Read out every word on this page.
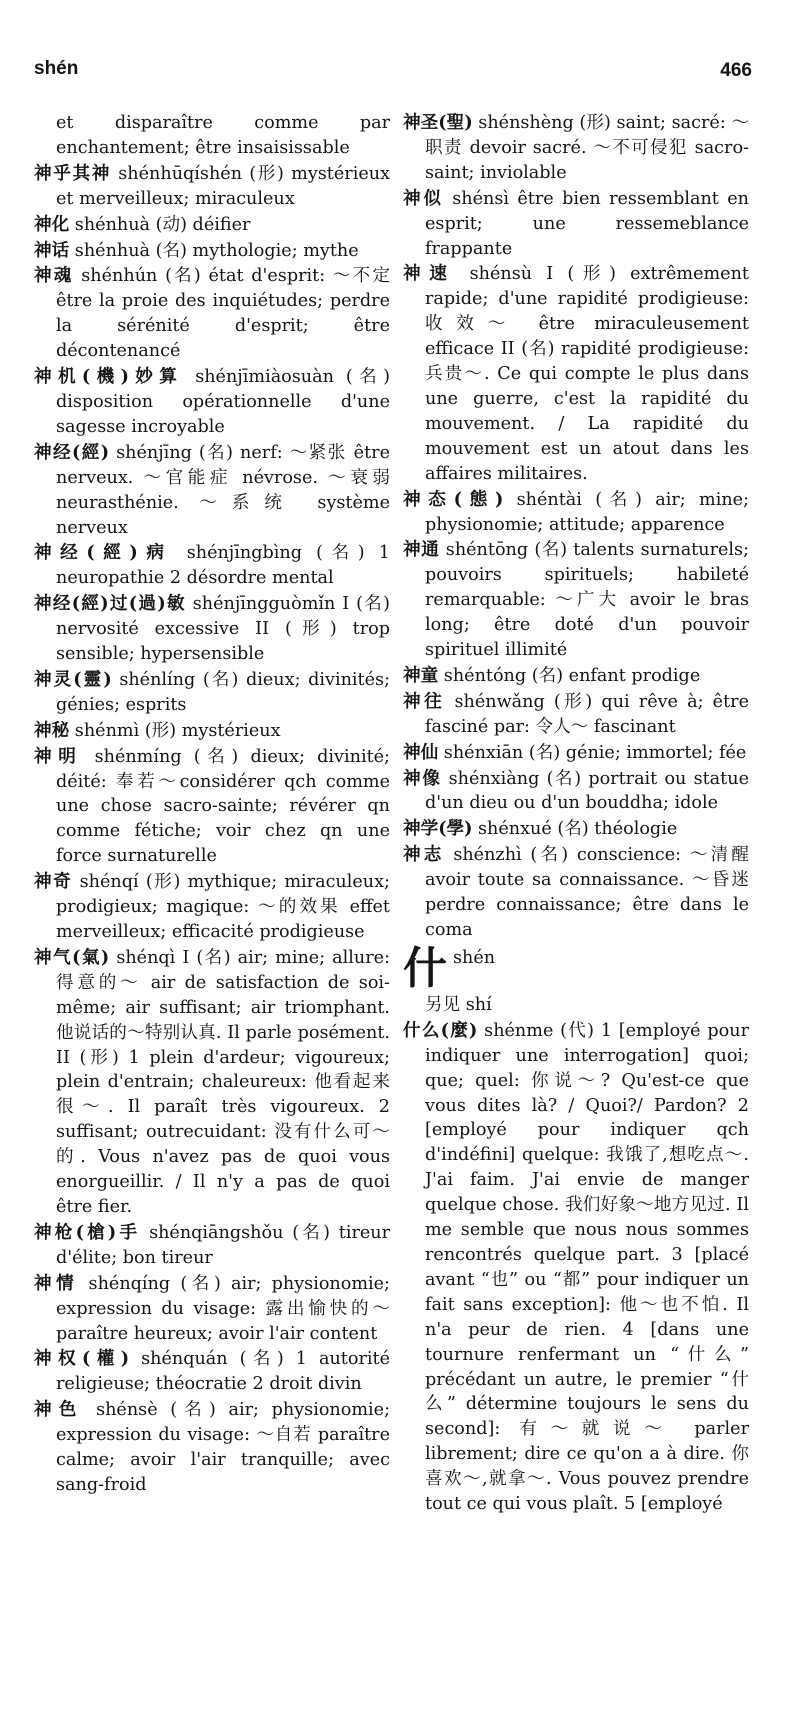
shén	466

et disparaître comme par enchantement; être insaisissable

神乎其神 shénhūqíshén (形) mystérieux et merveilleux; miraculeux

神化 shénhuà (动) déifier

神话 shénhuà (名) mythologie; mythe

神魂 shénhún (名) état d'esprit: ～不定 être la proie des inquiétudes; perdre la sérénité d'esprit; être décontenancé

神机(機)妙算 shénjīmiàosuàn (名) disposition opérationnelle d'une sagesse incroyable

神经(經) shénjīng (名) nerf: ～紧张 être nerveux. ～官能症 névrose. ～衰弱 neurasthénie. ～系统 système nerveux

神经(經)病 shénjīngbìng (名) 1 neuropathie 2 désordre mental

神经(經)过(過)敏 shénjīngguòmǐn I (名) nervosité excessive II (形) trop sensible; hypersensible

神灵(靈) shénlíng (名) dieux; divinités; génies; esprits

神秘 shénmì (形) mystérieux

神明 shénmíng (名) dieux; divinité; déité: 奉若～considérer qch comme une chose sacro-sainte; révérer qn comme fétiche; voir chez qn une force surnaturelle

神奇 shénqí (形) mythique; miraculeux; prodigieux; magique: ～的效果 effet merveilleux; efficacité prodigieuse

神气(氣) shénqì I (名) air; mine; allure: 得意的～ air de satisfaction de soi-même; air suffisant; air triomphant. 他说话的～特别认真. Il parle posément. II (形) 1 plein d'ardeur; vigoureux; plein d'entrain; chaleureux: 他看起来很～. Il paraît très vigoureux. 2 suffisant; outrecuidant: 没有什么可～的. Vous n'avez pas de quoi vous enorgueillir. / Il n'y a pas de quoi être fier.

神枪(槍)手 shénqiāngshǒu (名) tireur d'élite; bon tireur

神情 shénqíng (名) air; physionomie; expression du visage: 露出愉快的～ paraître heureux; avoir l'air content

神权(權) shénquán (名) 1 autorité religieuse; théocratie 2 droit divin

神色 shénsè (名) air; physionomie; expression du visage: ～自若 paraître calme; avoir l'air tranquille; avec sang-froid

神圣(聖) shénshèng (形) saint; sacré: ～职责 devoir sacré. ～不可侵犯 sacro-saint; inviolable

神似 shénsì être bien ressemblant en esprit; une ressemeblance frappante

神速 shénsù I (形) extrêmement rapide; d'une rapidité prodigieuse: 收效～ être miraculeusement efficace II (名) rapidité prodigieuse: 兵贵～. Ce qui compte le plus dans une guerre, c'est la rapidité du mouvement. / La rapidité du mouvement est un atout dans les affaires militaires.

神态(態) shéntài (名) air; mine; physionomie; attitude; apparence

神通 shéntōng (名) talents surnaturels; pouvoirs spirituels; habileté remarquable: ～广大 avoir le bras long; être doté d'un pouvoir spirituel illimité

神童 shéntóng (名) enfant prodige

神往 shénwǎng (形) qui rêve à; être fasciné par: 令人～ fascinant

神仙 shénxiān (名) génie; immortel; fée

神像 shénxiàng (名) portrait ou statue d'un dieu ou d'un bouddha; idole

神学(學) shénxué (名) théologie

神志 shénzhì (名) conscience: ～清醒 avoir toute sa connaissance. ～昏迷 perdre connaissance; être dans le coma

什 shén

另见 shí

什么(麼) shénme (代) 1 [employé pour indiquer une interrogation] quoi; que; quel: 你说～? Qu'est-ce que vous dites là? / Quoi?/ Pardon? 2 [employé pour indiquer qch d'indéfini] quelque: 我饿了,想吃点～. J'ai faim. J'ai envie de manger quelque chose. 我们好象～地方见过. Il me semble que nous nous sommes rencontrés quelque part. 3 [placé avant “也” ou “都” pour indiquer un fait sans exception]: 他～也不怕. Il n'a peur de rien. 4 [dans une tournure renfermant un “什么” précédant un autre, le premier “什么” détermine toujours le sens du second]: 有～就说～ parler librement; dire ce qu'on a à dire. 你喜欢～,就拿～. Vous pouvez prendre tout ce qui vous plaît. 5 [employé
